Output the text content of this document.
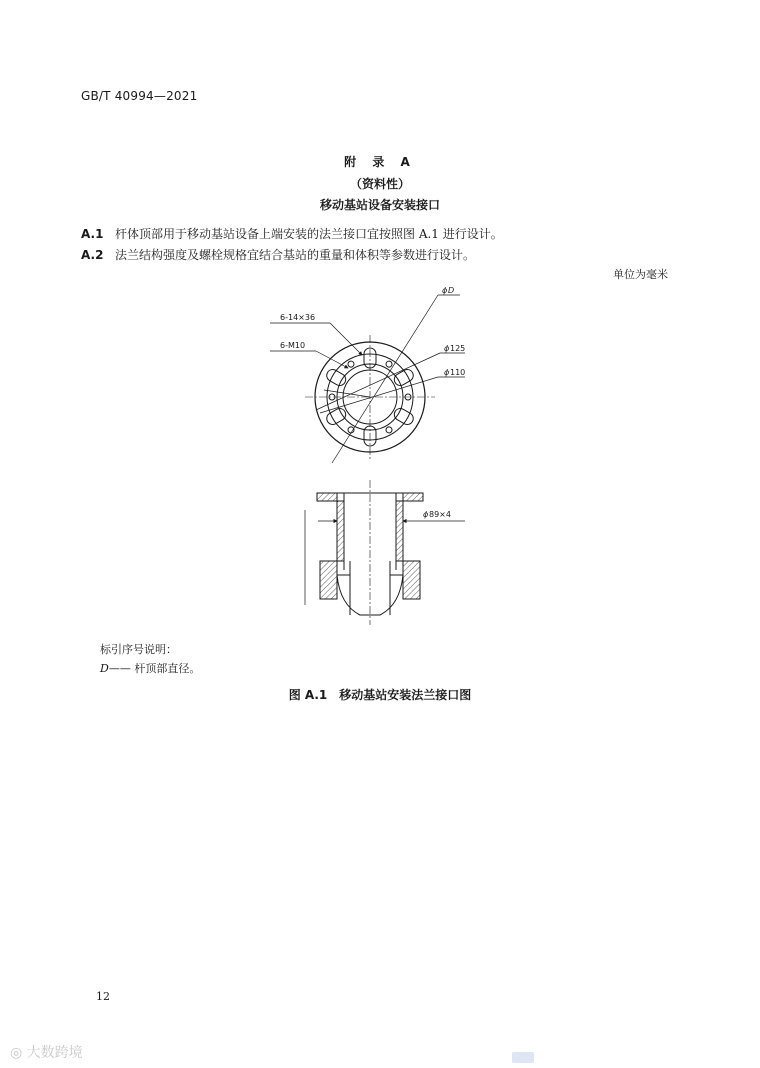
GB/T 40994—2021
附 录 A
（资料性）
移动基站设备安装接口
A.1 杆体顶部用于移动基站设备上端安装的法兰接口宜按照图 A.1 进行设计。
A.2 法兰结构强度及螺栓规格宜结合基站的重量和体积等参数进行设计。
单位为毫米
6-14×36
6-M10
ϕ D
ϕ 125
ϕ 110
ϕ 89×4
标引序号说明：
D—— 杆顶部直径。
图 A.1　移动基站安装法兰接口图
12
◎ 大数跨境
